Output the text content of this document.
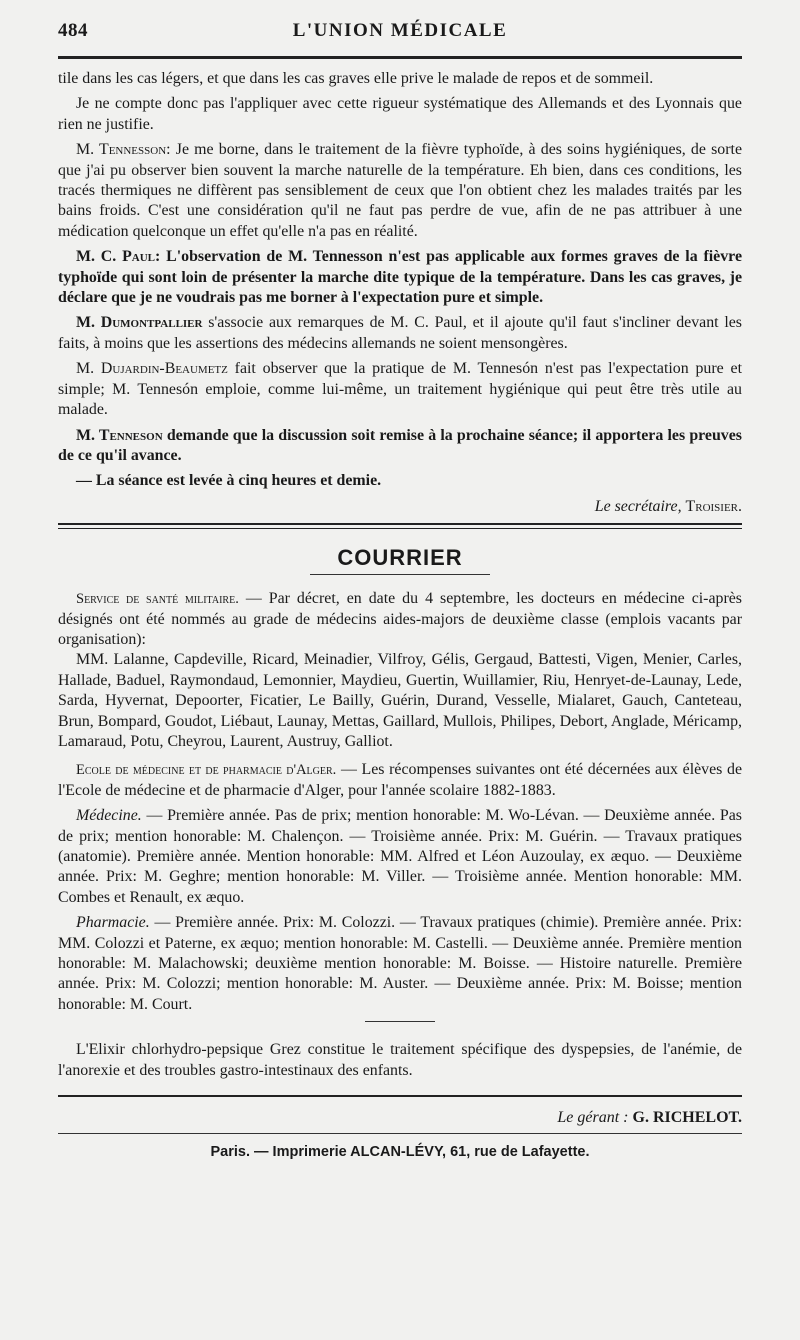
484	L'UNION MÉDICALE

tile dans les cas légers, et que dans les cas graves elle prive le malade de repos et de sommeil.

Je ne compte donc pas l'appliquer avec cette rigueur systématique des Allemands et des Lyonnais que rien ne justifie.

M. Tennesson: Je me borne, dans le traitement de la fièvre typhoïde, à des soins hygiéniques, de sorte que j'ai pu observer bien souvent la marche naturelle de la température. Eh bien, dans ces conditions, les tracés thermiques ne diffèrent pas sensiblement de ceux que l'on obtient chez les malades traités par les bains froids. C'est une considération qu'il ne faut pas perdre de vue, afin de ne pas attribuer à une médication quelconque un effet qu'elle n'a pas en réalité.

M. C. Paul: L'observation de M. Tennesson n'est pas applicable aux formes graves de la fièvre typhoïde qui sont loin de présenter la marche dite typique de la température. Dans les cas graves, je déclare que je ne voudrais pas me borner à l'expectation pure et simple.

M. Dumontpallier s'associe aux remarques de M. C. Paul, et il ajoute qu'il faut s'incliner devant les faits, à moins que les assertions des médecins allemands ne soient mensongères.

M. Dujardin-Beaumetz fait observer que la pratique de M. Tennesón n'est pas l'expectation pure et simple; M. Tennesón emploie, comme lui-même, un traitement hygiénique qui peut être très utile au malade.

M. Tenneson demande que la discussion soit remise à la prochaine séance; il apportera les preuves de ce qu'il avance.

— La séance est levée à cinq heures et demie.

Le secrétaire, Troisier.

COURRIER

Service de santé militaire. — Par décret, en date du 4 septembre, les docteurs en médecine ci-après désignés ont été nommés au grade de médecins aides-majors de deuxième classe (emplois vacants par organisation):

MM. Lalanne, Capdeville, Ricard, Meinadier, Vilfroy, Gélis, Gergaud, Battesti, Vigen, Menier, Carles, Hallade, Baduel, Raymondaud, Lemonnier, Maydieu, Guertin, Wuillamier, Riu, Henryet-de-Launay, Lede, Sarda, Hyvernat, Depoorter, Ficatier, Le Bailly, Guérin, Durand, Vesselle, Mialaret, Gauch, Canteteau, Brun, Bompard, Goudot, Liébaut, Launay, Mettas, Gaillard, Mullois, Philipes, Debort, Anglade, Méricamp, Lamaraud, Potu, Cheyrou, Laurent, Austruy, Galliot.

Ecole de médecine et de pharmacie d'Alger. — Les récompenses suivantes ont été décernées aux élèves de l'Ecole de médecine et de pharmacie d'Alger, pour l'année scolaire 1882-1883.

Médecine. — Première année. Pas de prix; mention honorable: M. Wo-Lévan. — Deuxième année. Pas de prix; mention honorable: M. Chalençon. — Troisième année. Prix: M. Guérin. — Travaux pratiques (anatomie). Première année. Mention honorable: MM. Alfred et Léon Auzoulay, ex æquo. — Deuxième année. Prix: M. Geghre; mention honorable: M. Viller. — Troisième année. Mention honorable: MM. Combes et Renault, ex æquo.

Pharmacie. — Première année. Prix: M. Colozzi. — Travaux pratiques (chimie). Première année. Prix: MM. Colozzi et Paterne, ex æquo; mention honorable: M. Castelli. — Deuxième année. Première mention honorable: M. Malachowski; deuxième mention honorable: M. Boisse. — Histoire naturelle. Première année. Prix: M. Colozzi; mention honorable: M. Auster. — Deuxième année. Prix: M. Boisse; mention honorable: M. Court.

L'Elixir chlorhydro-pepsique Grez constitue le traitement spécifique des dyspepsies, de l'anémie, de l'anorexie et des troubles gastro-intestinaux des enfants.

Le gérant : G. RICHELOT.
Paris. — Imprimerie ALCAN-LÉVY, 61, rue de Lafayette.
